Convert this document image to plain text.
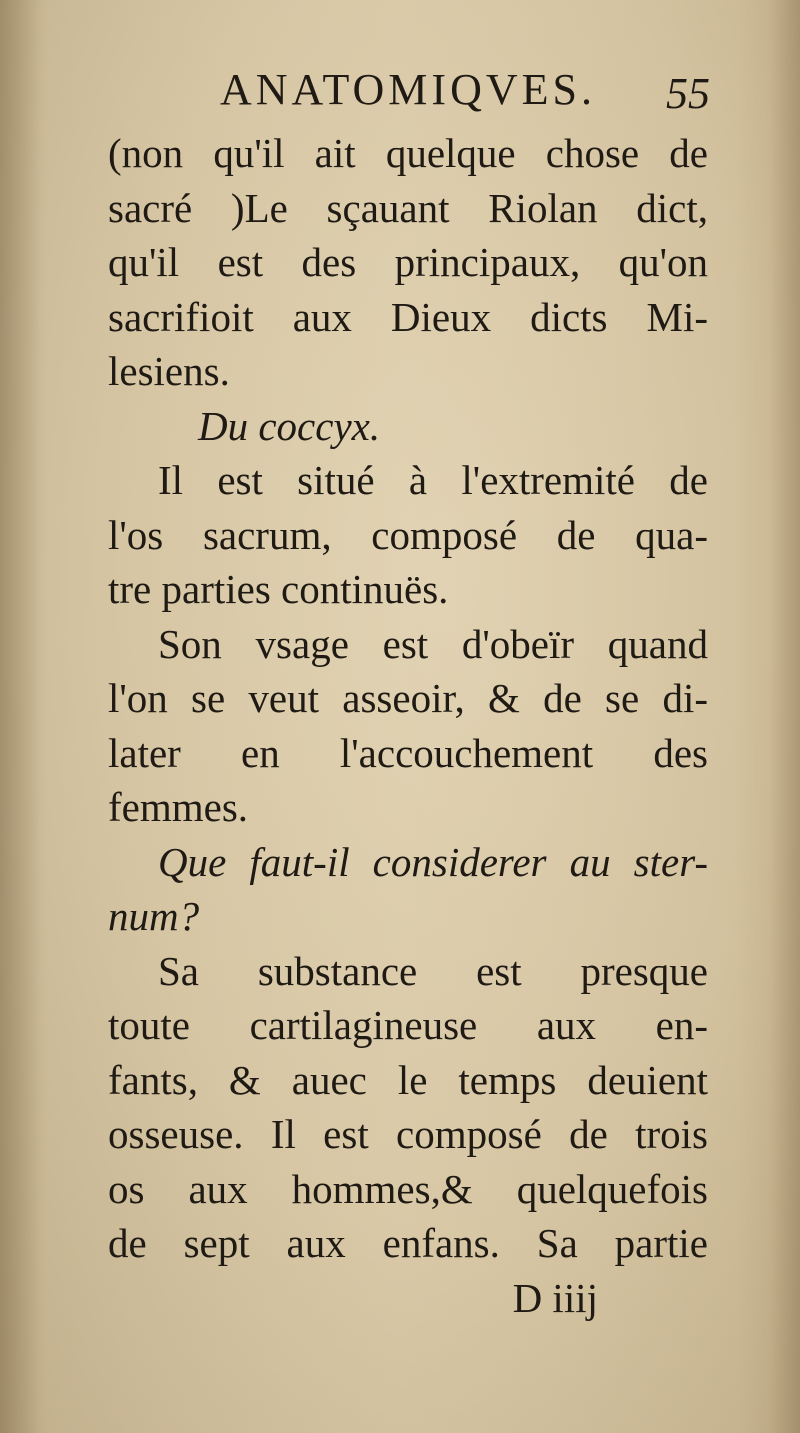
ANATOMIQVES. 55
(non qu'il ait quelque chose de
sacré )Le sçauant Riolan dict,
qu'il est des principaux, qu'on
sacrifioit aux Dieux dicts Mi-
lesiens.
Du coccyx.
Il est situé à l'extremité de
l'os sacrum, composé de qua-
tre parties continuës.
Son vsage est d'obeïr quand
l'on se veut asseoir, & de se di-
later en l'accouchement des
femmes.
Que faut-il considerer au ster-
num?
Sa substance est presque
toute cartilagineuse aux en-
fants, & auec le temps deuient
osseuse. Il est composé de trois
os aux hommes,& quelquefois
de sept aux enfans. Sa partie
D iiij
